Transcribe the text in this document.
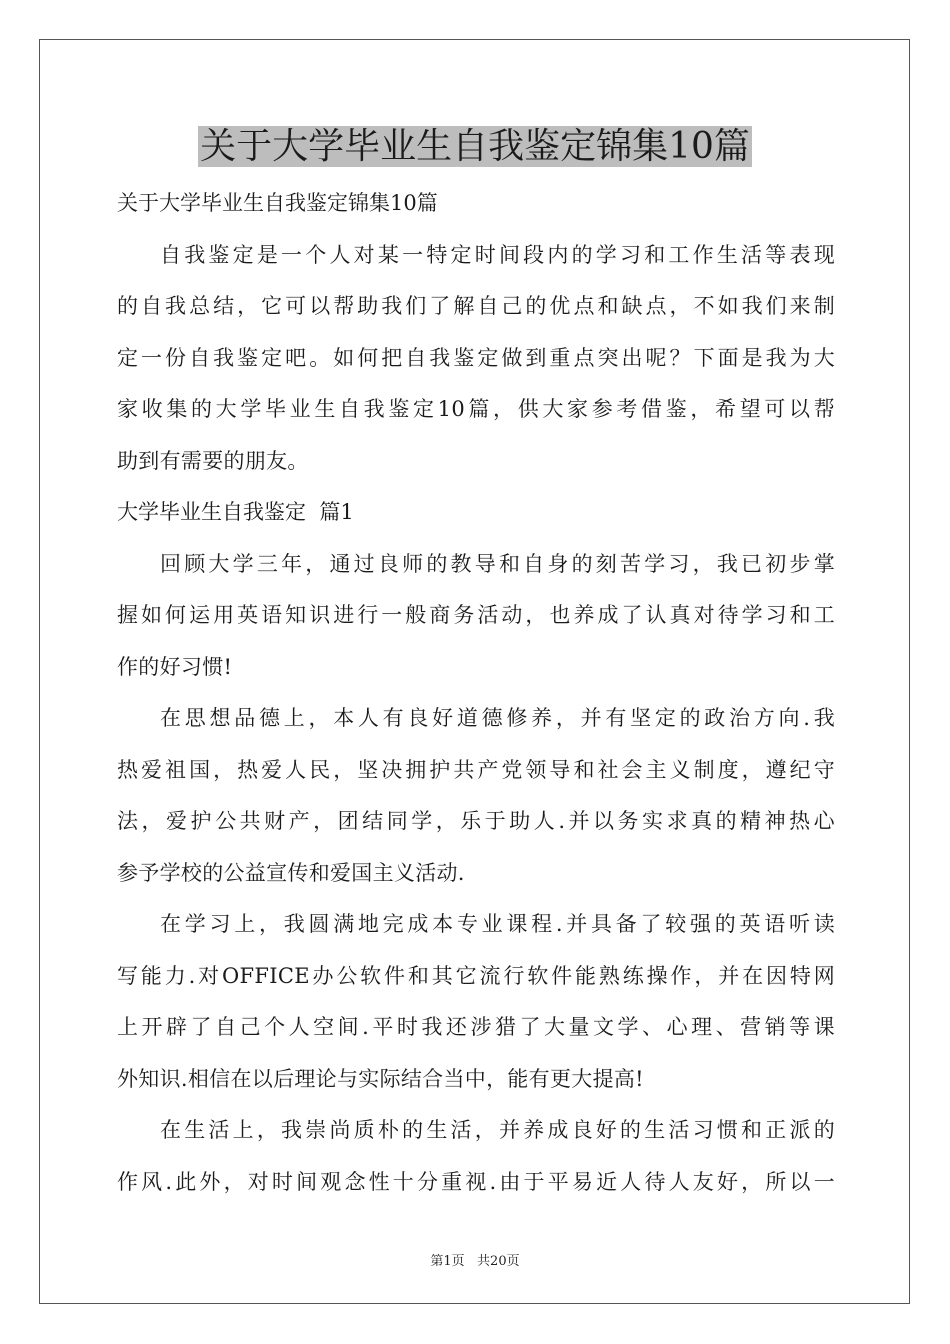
关于大学毕业生自我鉴定锦集10篇
关于大学毕业生自我鉴定锦集10篇
自我鉴定是一个人对某一特定时间段内的学习和工作生活等表现
的自我总结，它可以帮助我们了解自己的优点和缺点，不如我们来制
定一份自我鉴定吧。如何把自我鉴定做到重点突出呢？下面是我为大
家收集的大学毕业生自我鉴定10篇，供大家参考借鉴，希望可以帮
助到有需要的朋友。
大学毕业生自我鉴定  篇1
回顾大学三年，通过良师的教导和自身的刻苦学习，我已初步掌
握如何运用英语知识进行一般商务活动，也养成了认真对待学习和工
作的好习惯!
在思想品德上，本人有良好道德修养，并有坚定的政治方向.我
热爱祖国，热爱人民，坚决拥护共产党领导和社会主义制度，遵纪守
法，爱护公共财产，团结同学，乐于助人.并以务实求真的精神热心
参予学校的公益宣传和爱国主义活动.
在学习上，我圆满地完成本专业课程.并具备了较强的英语听读
写能力.对OFFICE办公软件和其它流行软件能熟练操作，并在因特网
上开辟了自己个人空间.平时我还涉猎了大量文学、心理、营销等课
外知识.相信在以后理论与实际结合当中，能有更大提高!
在生活上，我崇尚质朴的生活，并养成良好的生活习惯和正派的
作风.此外，对时间观念性十分重视.由于平易近人待人友好，所以一
第1页   共20页
